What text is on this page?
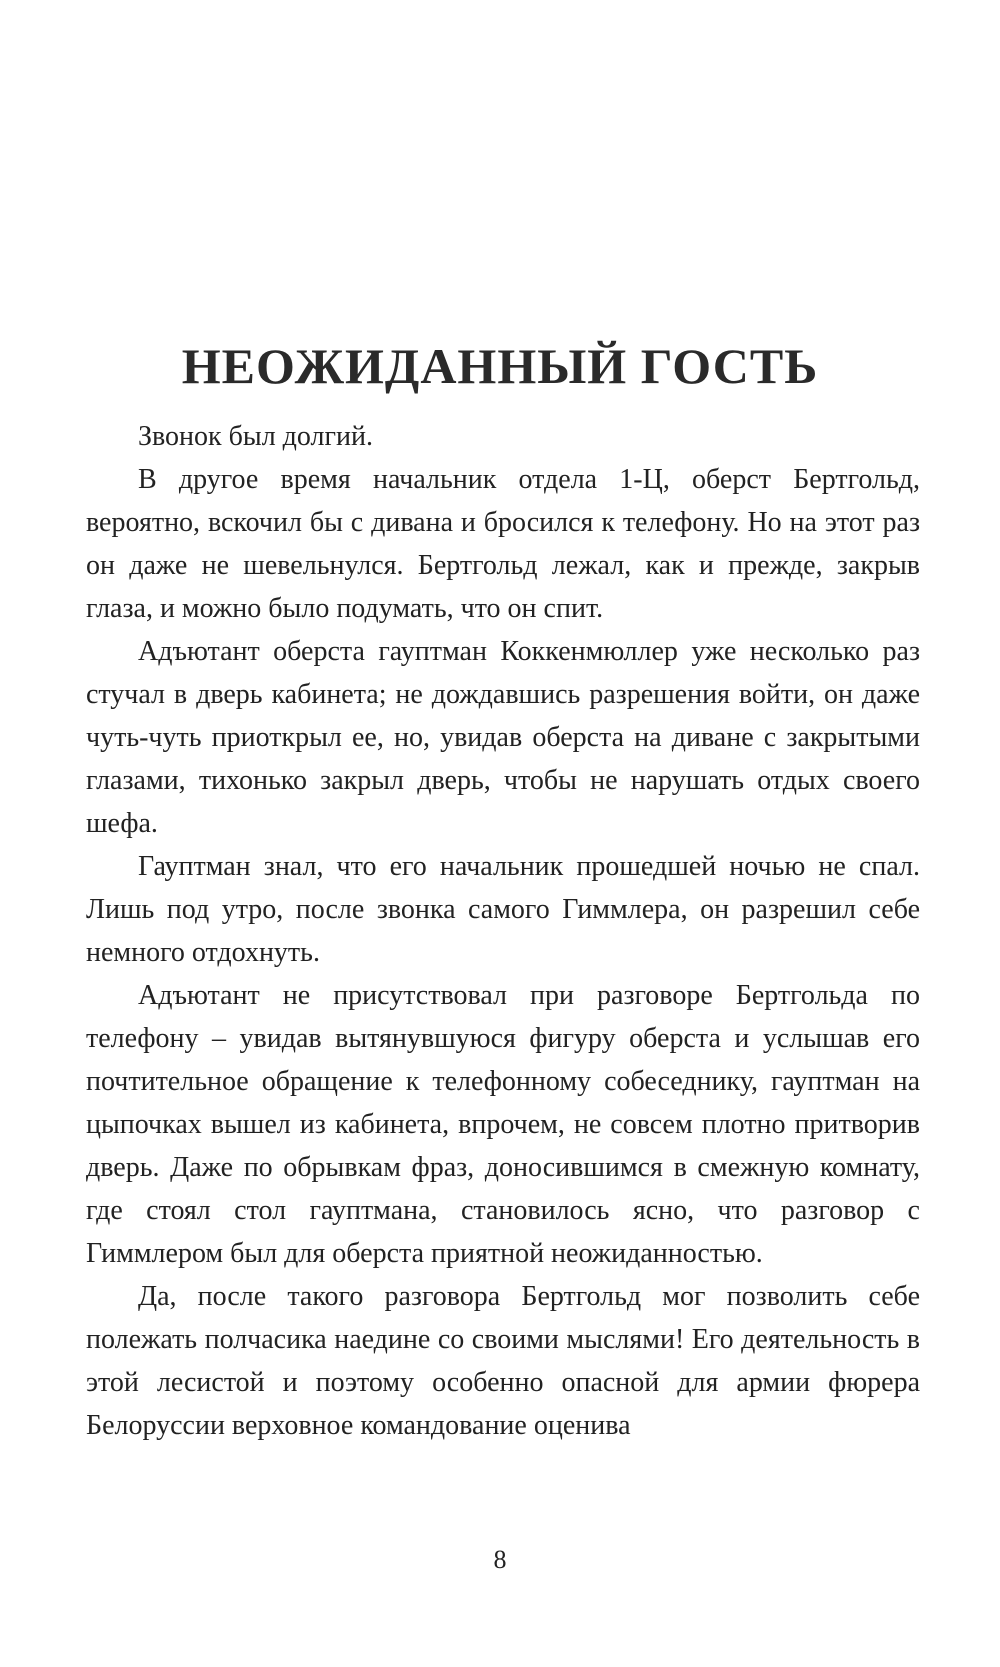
НЕОЖИДАННЫЙ ГОСТЬ

Звонок был долгий.

В другое время начальник отдела 1-Ц, оберст Бертгольд, вероятно, вскочил бы с дивана и бросился к телефону. Но на этот раз он даже не шевельнулся. Бертгольд лежал, как и прежде, закрыв глаза, и можно было подумать, что он спит.

Адъютант оберста гауптман Коккенмюллер уже несколько раз стучал в дверь кабинета; не дождавшись разрешения войти, он даже чуть-чуть приоткрыл ее, но, увидав оберста на диване с закрытыми глазами, тихонько закрыл дверь, чтобы не нарушать отдых своего шефа.

Гауптман знал, что его начальник прошедшей ночью не спал. Лишь под утро, после звонка самого Гиммлера, он разрешил себе немного отдохнуть.

Адъютант не присутствовал при разговоре Бертгольда по телефону – увидав вытянувшуюся фигуру оберста и услышав его почтительное обращение к телефонному собеседнику, гауптман на цыпочках вышел из кабинета, впрочем, не совсем плотно притворив дверь. Даже по обрывкам фраз, доносившимся в смежную комнату, где стоял стол гауптмана, становилось ясно, что разговор с Гиммлером был для оберста приятной неожиданностью.

Да, после такого разговора Бертгольд мог позволить себе полежать полчасика наедине со своими мыслями! Его деятельность в этой лесистой и поэтому особенно опасной для армии фюрера Белоруссии верховное командование оценива

8
